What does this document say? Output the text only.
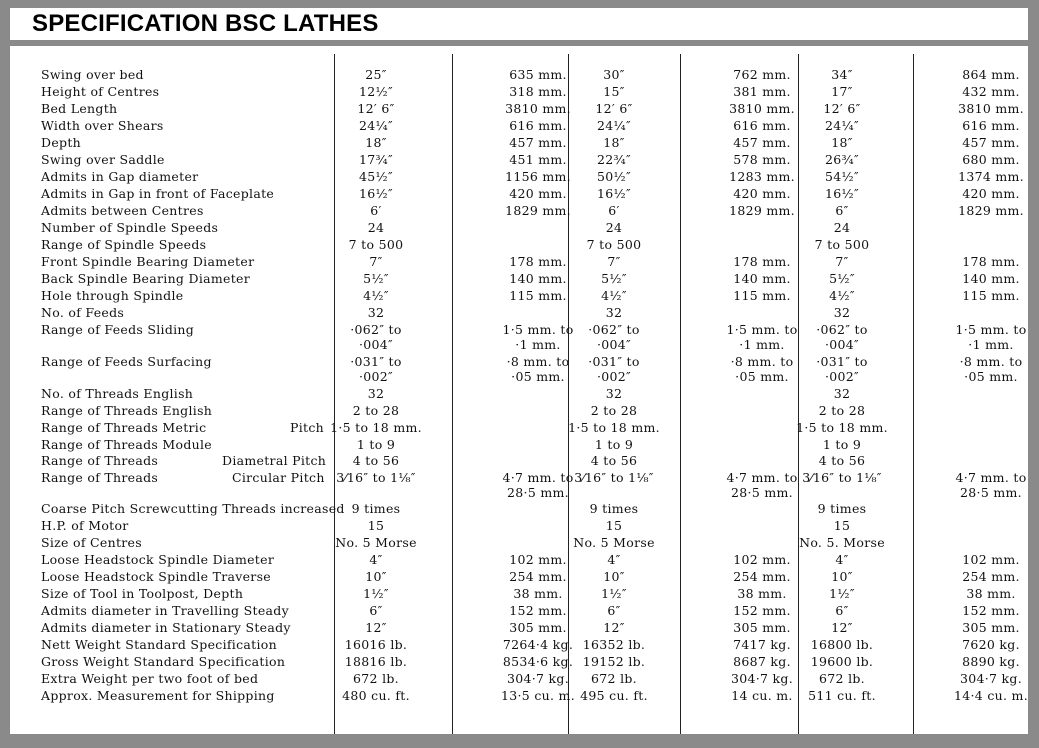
SPECIFICATION BSC LATHES
Swing over bed	25″	635 mm.	30″	762 mm.	34″	864 mm.
Height of Centres	12½″	318 mm.	15″	381 mm.	17″	432 mm.
Bed Length	12′ 6″	3810 mm. 12′ 6″	3810 mm. 12′ 6″	3810 mm.
Width over Shears	24¼″	616 mm. 24¼″	616 mm.	24¼″	616 mm.
Depth	18″	457 mm.	18″	457 mm.	18″	457 mm.
Swing over Saddle	17¾″	451 mm. 22¾″	578 mm.	26¾″	680 mm.
Admits in Gap diameter	45½″	1156 mm. 50½″	1283 mm. 54½″	1374 mm.
Admits in Gap in front of Faceplate	16½″	420 mm. 16½″	420 mm.	16½″	420 mm.
Admits between Centres	6′	1829 mm.	6′	1829 mm.	6″	1829 mm.
Number of Spindle Speeds	24	24	24
Range of Spindle Speeds	7 to 500	7 to 500	7 to 500
Front Spindle Bearing Diameter	7″	178 mm.	7″	178 mm.	7″	178 mm.
Back Spindle Bearing Diameter	5½″	140 mm.	5½″	140 mm.	5½″	140 mm.
Hole through Spindle	4½″	115 mm.	4½″	115 mm.	4½″	115 mm.
No. of Feeds	32	32	32
Range of Feeds Sliding	·062″ to
·004″
1·5 mm. to
·1 mm.
·062″ to
·004″
1·5 mm. to
·1 mm.
·062″ to
·004″
1·5 mm. to
·1 mm.
Range of Feeds Surfacing	·031″ to
·002″
·8 mm. to
·05 mm.
·031″ to
·002″
·8 mm. to
·05 mm.
·031″ to
·002″
·8 mm. to
·05 mm.
No. of Threads English	32	32	32
Range of Threads English	2 to 28	2 to 28	2 to 28
Range of Threads Metric	Pitch 1·5 to 18 mm.	1·5 to 18 mm.	1·5 to 18 mm.
Range of Threads Module	1 to 9	1 to 9	1 to 9
Range of Threads	Diametral Pitch 4 to 56	4 to 56	4 to 56
Range of Threads	Circular Pitch 3⁄16″ to 1⅛″	4·7 mm. to
28·5 mm.
3⁄16″ to 1⅛″	4·7 mm. to
28·5 mm.
3⁄16″ to 1⅛″	4·7 mm. to
28·5 mm.
Coarse Pitch Screwcutting Threads increased 9 times	9 times	9 times
H.P. of Motor	15	15	15
Size of Centres	No. 5 Morse	No. 5 Morse	No. 5. Morse
Loose Headstock Spindle Diameter	4″	102 mm.	4″	102 mm.	4″	102 mm.
Loose Headstock Spindle Traverse	10″	254 mm.	10″	254 mm.	10″	254 mm.
Size of Tool in Toolpost, Depth	1½″	38 mm.	1½″	38 mm.	1½″	38 mm.
Admits diameter in Travelling Steady	6″	152 mm.	6″	152 mm.	6″	152 mm.
Admits diameter in Stationary Steady	12″	305 mm.	12″	305 mm.	12″	305 mm.
Nett Weight Standard Specification	16016 lb.	7264·4 kg. 16352 lb.	7417 kg. 16800 lb.	7620 kg.
Gross Weight Standard Specification	18816 lb.	8534·6 kg. 19152 lb.	8687 kg. 19600 lb.	8890 kg.
Extra Weight per two foot of bed	672 lb.	304·7 kg. 672 lb.	304·7 kg. 672 lb.	304·7 kg.
Approx. Measurement for Shipping	480 cu. ft.	13·5 cu. m. 495 cu. ft.	14 cu. m. 511 cu. ft.	14·4 cu. m.
